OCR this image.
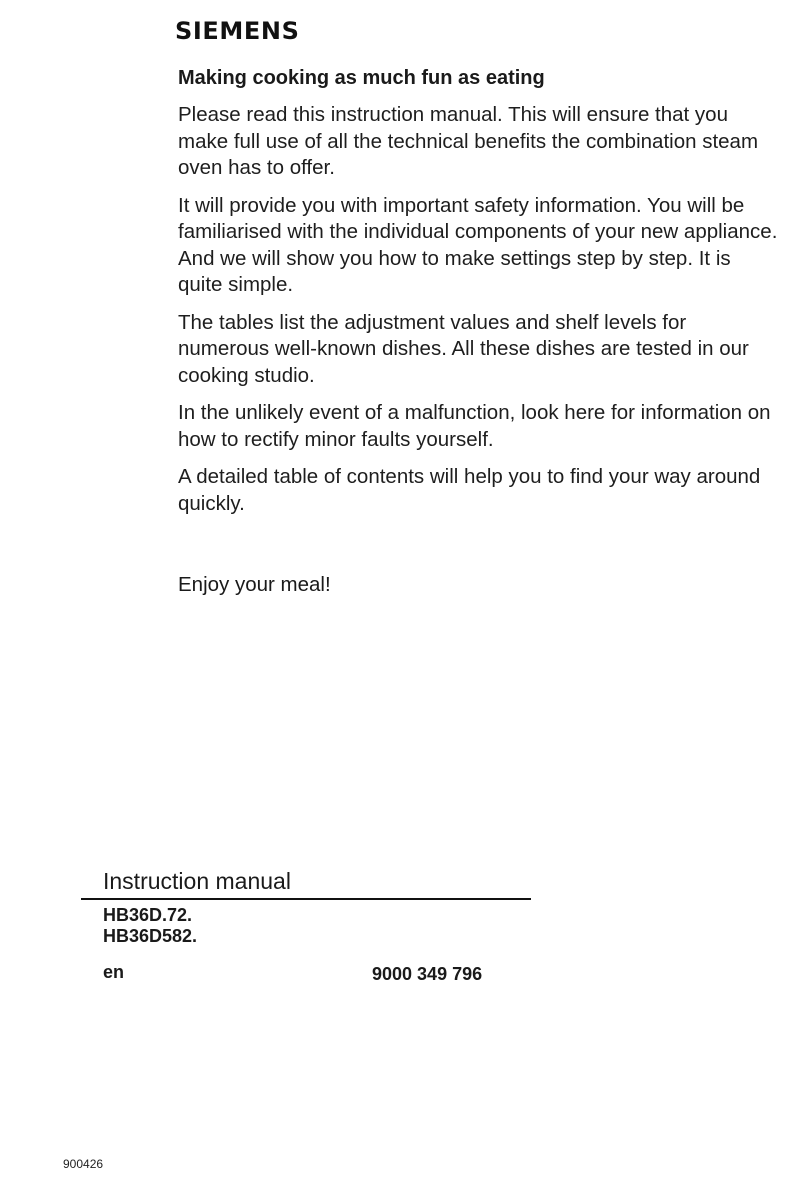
SIEMENS

Making cooking as much fun as eating

Please read this instruction manual. This will ensure that you make full use of all the technical benefits the combination steam oven has to offer.

It will provide you with important safety information. You will be familiarised with the individual components of your new appliance. And we will show you how to make settings step by step. It is quite simple.

The tables list the adjustment values and shelf levels for numerous well-known dishes. All these dishes are tested in our cooking studio.

In the unlikely event of a malfunction, look here for information on how to rectify minor faults yourself.

A detailed table of contents will help you to find your way around quickly.

Enjoy your meal!

Instruction manual

HB36D.72.
HB36D582.
en	9000 349 796
900426
